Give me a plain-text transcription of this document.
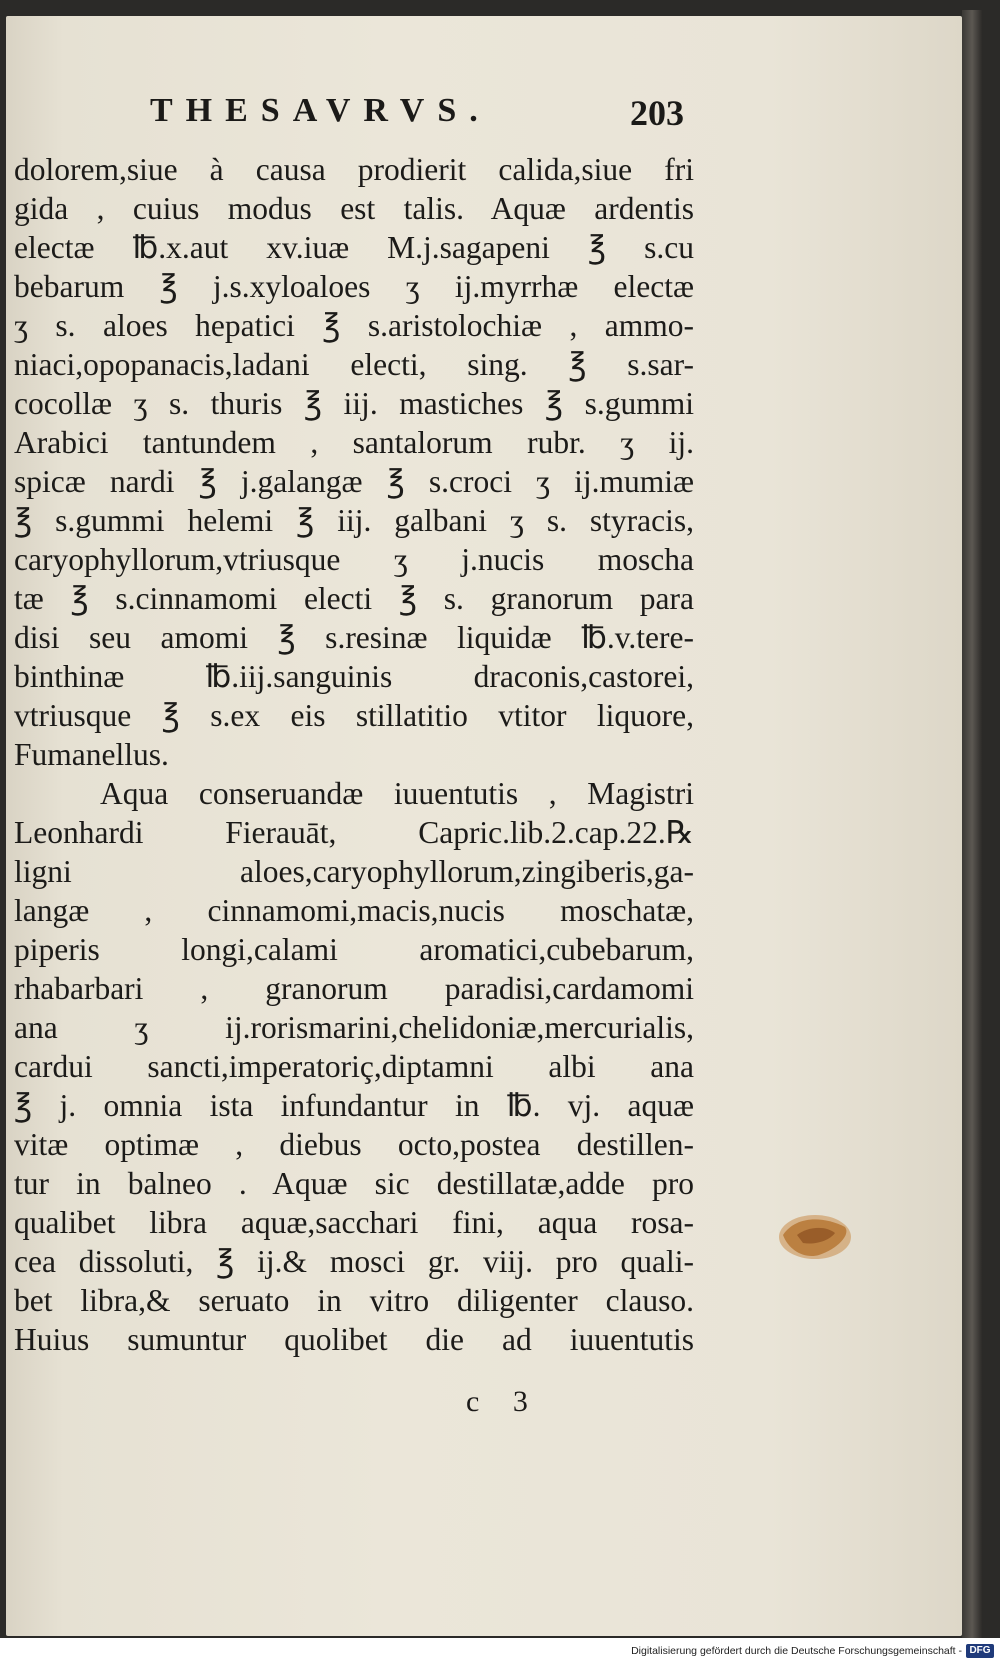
THESAVRVS.	203
dolorem,siue à causa prodierit calida,siue fri
gida , cuius modus est talis. Aquæ ardentis
electæ ℔.x.aut xv.iuæ M.j.sagapeni ℥ s.cu
bebarum ℥ j.s.xyloaloes ʒ ij.myrrhæ electæ
ʒ s. aloes hepatici ℥ s.aristolochiæ , ammo-
niaci,opopanacis,ladani electi, sing. ℥ s.sar-
cocollæ ʒ s. thuris ℥ iij. mastiches ℥ s.gummi
Arabici tantundem , santalorum rubr. ʒ ij.
spicæ nardi ℥ j.galangæ ℥ s.croci ʒ ij.mumiæ
℥ s.gummi helemi ℥ iij. galbani ʒ s. styracis,
caryophyllorum,vtriusque ʒ j.nucis moscha
tæ ℥ s.cinnamomi electi ℥ s. granorum para
disi seu amomi ℥ s.resinæ liquidæ ℔.v.tere-
binthinæ ℔.iij.sanguinis draconis,castorei,
vtriusque ℥ s.ex eis stillatitio vtitor liquore,
Fumanellus.
Aqua conseruandæ iuuentutis , Magistri
Leonhardi Fierauāt, Capric.lib.2.cap.22.℞
ligni aloes,caryophyllorum,zingiberis,ga-
langæ , cinnamomi,macis,nucis moschatæ,
piperis longi,calami aromatici,cubebarum,
rhabarbari , granorum paradisi,cardamomi
ana ʒ ij.rorismarini,chelidoniæ,mercurialis,
cardui sancti,imperatoriç,diptamni albi ana
℥ j. omnia ista infundantur in ℔. vj. aquæ
vitæ optimæ , diebus octo,postea destillen-
tur in balneo . Aquæ sic destillatæ,adde pro
qualibet libra aquæ,sacchari fini, aqua rosa-
cea dissoluti, ℥ ij.& mosci gr. viij. pro quali-
bet libra,& seruato in vitro diligenter clauso.
Huius sumuntur quolibet die ad iuuentutis
c 3
Digitalisierung gefördert durch die Deutsche Forschungsgemeinschaft - DFG
